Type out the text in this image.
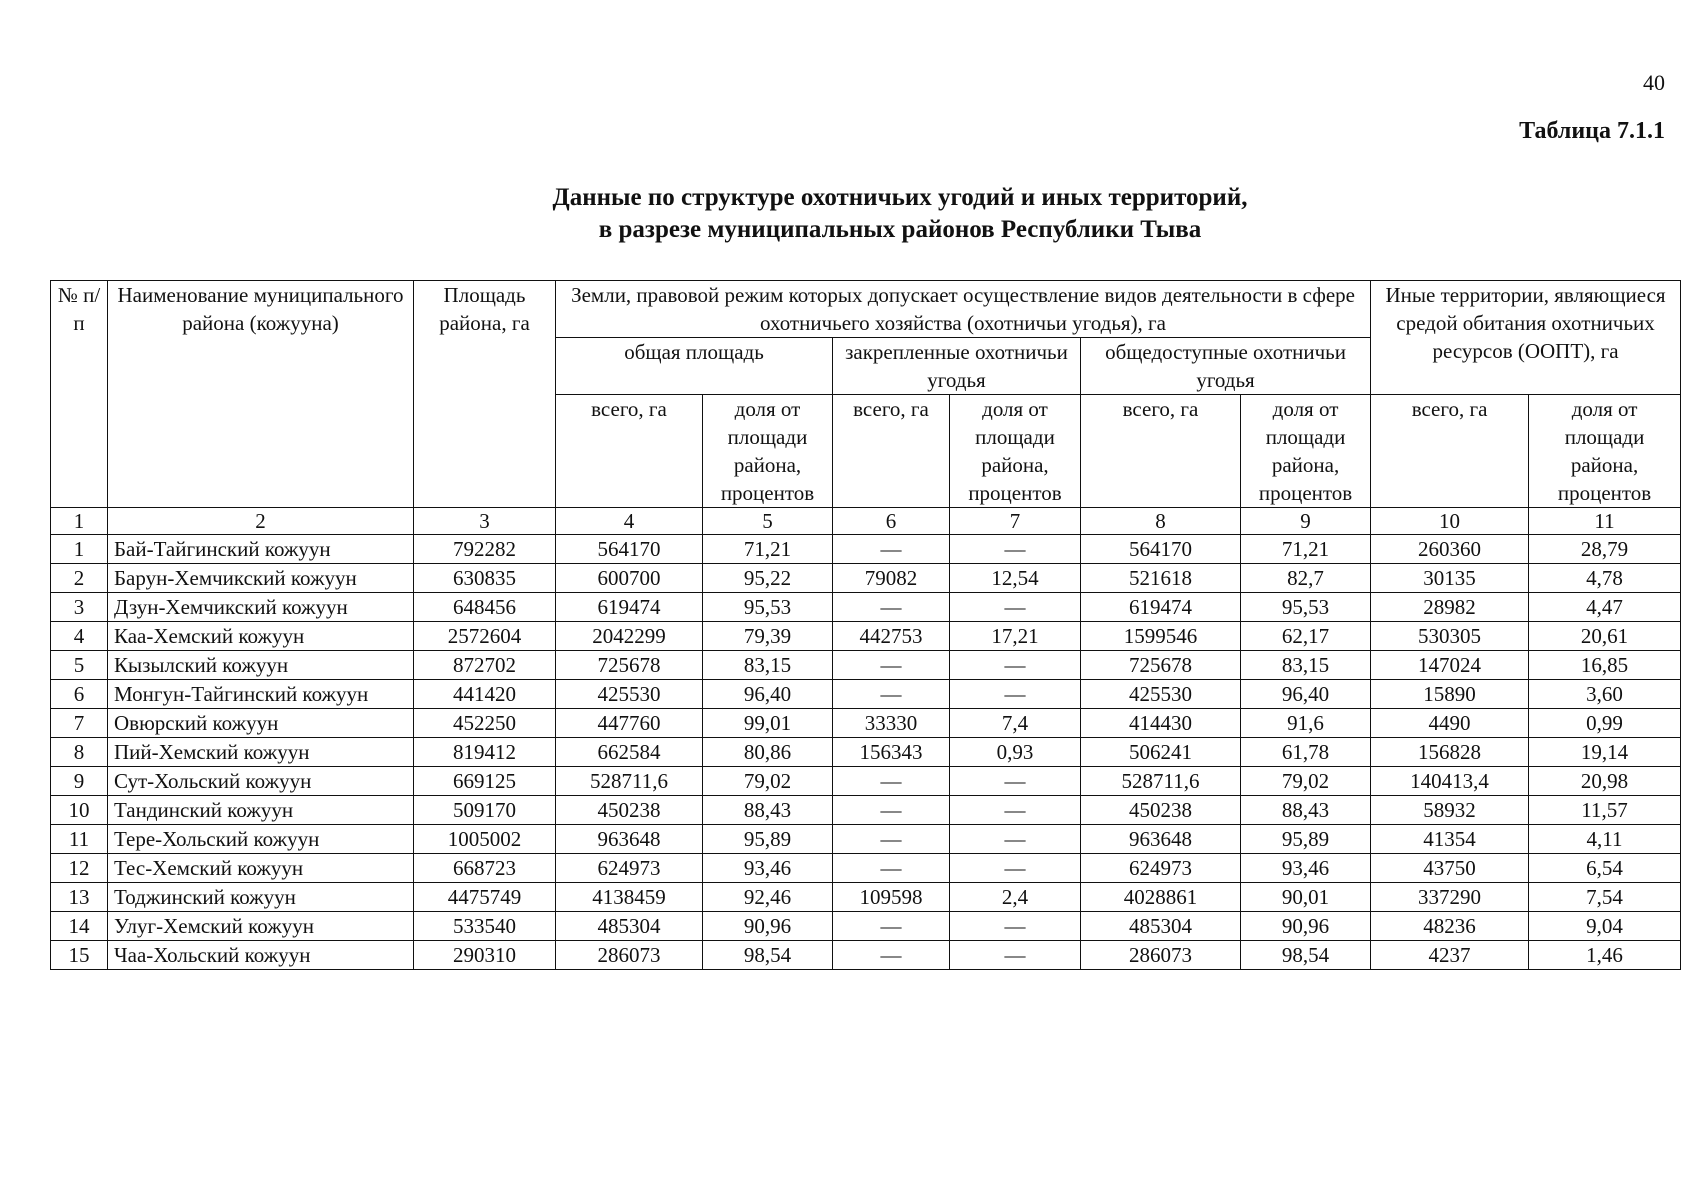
40
Таблица 7.1.1
Данные по структуре охотничьих угодий и иных территорий,
в разрезе муниципальных районов Республики Тыва
№ п/п	Наименование муниципального района (кожууна)	Площадь района, га	Земли, правовой режим которых допускает осуществление видов деятельности в сфере охотничьего хозяйства (охотничьи угодья), га						Иные территории, являющиеся средой обитания охотничьих ресурсов (ООПТ), га	
			общая площадь		закрепленные охотничьи угодья		общедоступные охотничьи угодья			
			всего, га	доля от площади района, процентов	всего, га	доля от площади района, процентов	всего, га	доля от площади района, процентов	всего, га	доля от площади района, процентов
1	2	3	4	5	6	7	8	9	10	11
1	Бай-Тайгинский кожуун	792282	564170	71,21	—	—	564170	71,21	260360	28,79
2	Барун-Хемчикский кожуун	630835	600700	95,22	79082	12,54	521618	82,7	30135	4,78
3	Дзун-Хемчикский кожуун	648456	619474	95,53	—	—	619474	95,53	28982	4,47
4	Каа-Хемский кожуун	2572604	2042299	79,39	442753	17,21	1599546	62,17	530305	20,61
5	Кызылский кожуун	872702	725678	83,15	—	—	725678	83,15	147024	16,85
6	Монгун-Тайгинский кожуун	441420	425530	96,40	—	—	425530	96,40	15890	3,60
7	Овюрский кожуун	452250	447760	99,01	33330	7,4	414430	91,6	4490	0,99
8	Пий-Хемский кожуун	819412	662584	80,86	156343	0,93	506241	61,78	156828	19,14
9	Сут-Хольский кожуун	669125	528711,6	79,02	—	—	528711,6	79,02	140413,4	20,98
10	Тандинский кожуун	509170	450238	88,43	—	—	450238	88,43	58932	11,57
11	Тере-Хольский кожуун	1005002	963648	95,89	—	—	963648	95,89	41354	4,11
12	Тес-Хемский кожуун	668723	624973	93,46	—	—	624973	93,46	43750	6,54
13	Тоджинский кожуун	4475749	4138459	92,46	109598	2,4	4028861	90,01	337290	7,54
14	Улуг-Хемский кожуун	533540	485304	90,96	—	—	485304	90,96	48236	9,04
15	Чаа-Хольский кожуун	290310	286073	98,54	—	—	286073	98,54	4237	1,46
